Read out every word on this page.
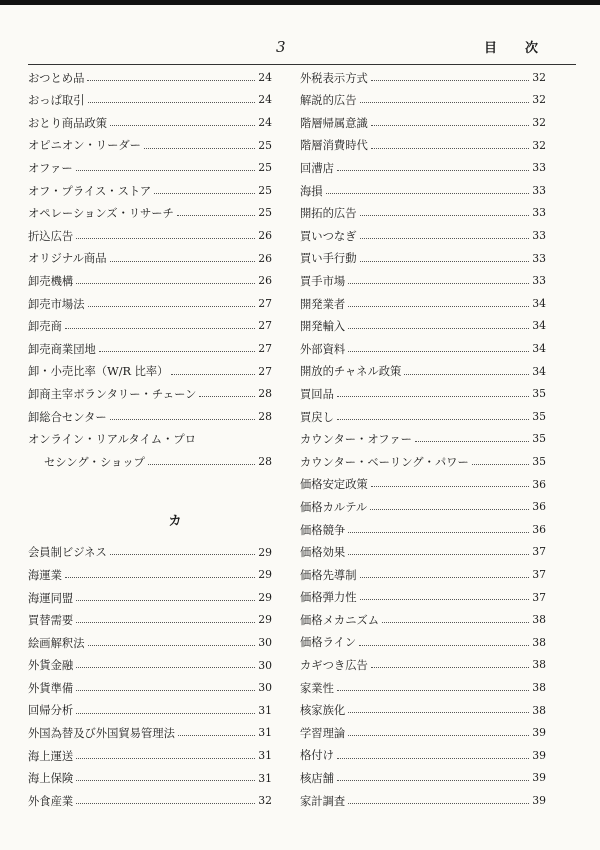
3	目次
おつとめ品	24
おっぱ取引	24
おとり商品政策	24
オピニオン・リーダー	25
オファー	25
オフ・プライス・ストア	25
オペレーションズ・リサーチ	25
折込広告	26
オリジナル商品	26
卸売機構	26
卸売市場法	27
卸売商	27
卸売商業団地	27
卸・小売比率（W/R 比率）	27
卸商主宰ボランタリー・チェーン	28
卸総合センター	28
オンライン・リアルタイム・プロ
セシング・ショップ	28
カ
会員制ビジネス	29
海運業	29
海運同盟	29
買替需要	29
絵画解釈法	30
外貨金融	30
外貨準備	30
回帰分析	31
外国為替及び外国貿易管理法	31
海上運送	31
海上保険	31
外食産業	32
外税表示方式	32
解説的広告	32
階層帰属意識	32
階層消費時代	32
回漕店	33
海損	33
開拓的広告	33
買いつなぎ	33
買い手行動	33
買手市場	33
開発業者	34
開発輸入	34
外部資料	34
開放的チャネル政策	34
買回品	35
買戻し	35
カウンター・オファー	35
カウンター・ベーリング・パワー	35
価格安定政策	36
価格カルテル	36
価格競争	36
価格効果	37
価格先導制	37
価格弾力性	37
価格メカニズム	38
価格ライン	38
カギつき広告	38
家業性	38
核家族化	38
学習理論	39
格付け	39
核店舗	39
家計調査	39
